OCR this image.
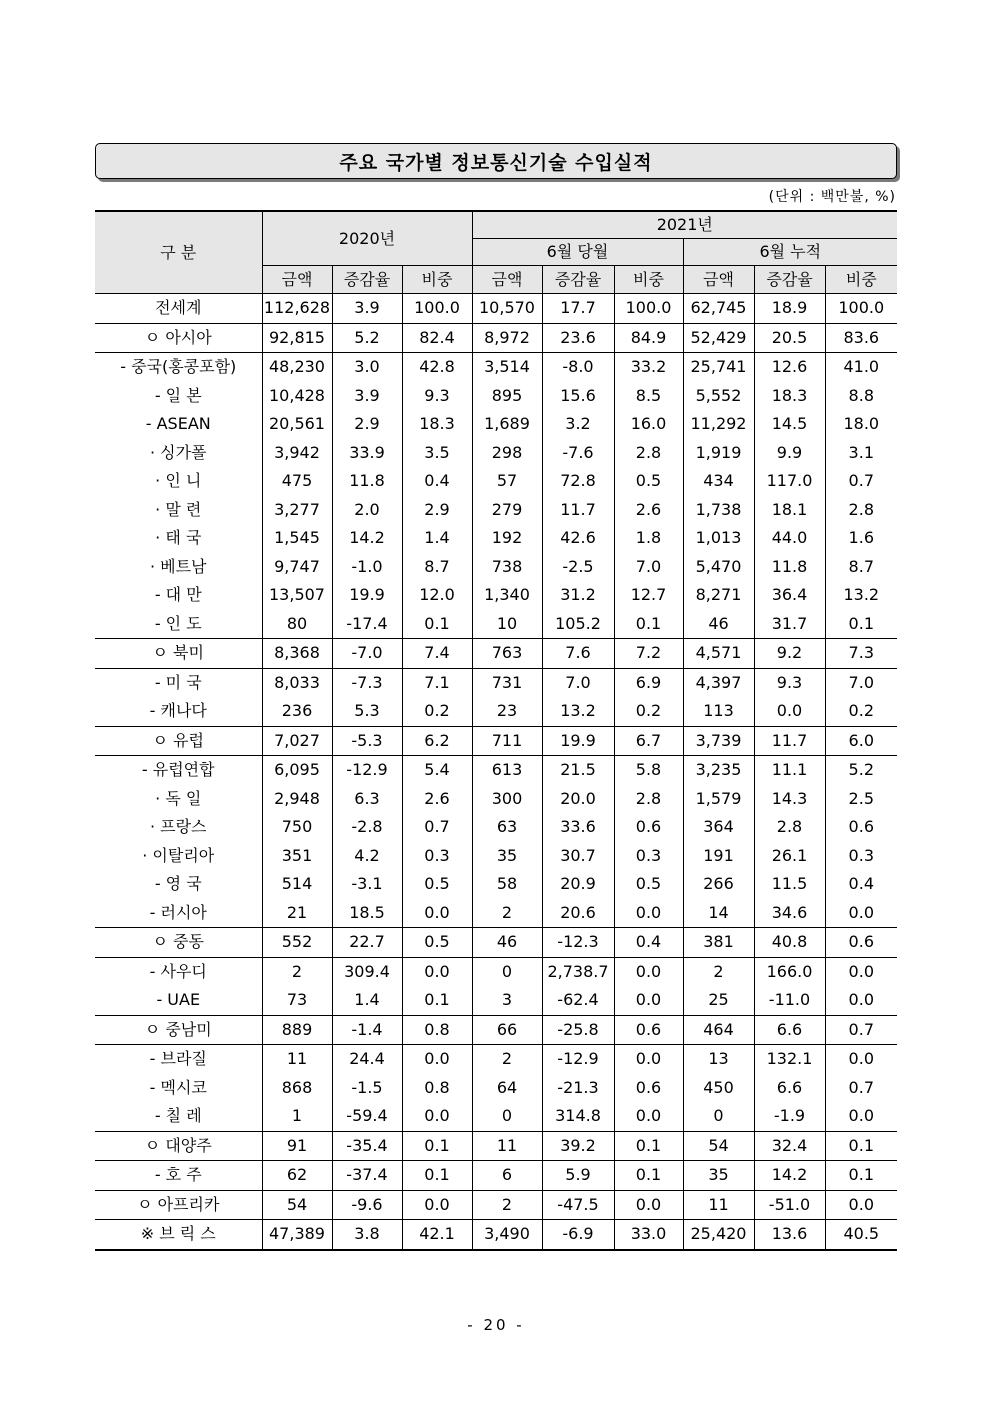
주요 국가별 정보통신기술 수입실적
(단위 : 백만불, %)
구 분	2020년			2021년					
				6월 당월			6월 누적		
	금액	증감율	비중	금액	증감율	비중	금액	증감율	비중
전세계	112,628	3.9	100.0	10,570	17.7	100.0	62,745	18.9	100.0
ㅇ 아시아	92,815	5.2	82.4	8,972	23.6	84.9	52,429	20.5	83.6
- 중국(홍콩포함)	48,230	3.0	42.8	3,514	-8.0	33.2	25,741	12.6	41.0
- 일 본	10,428	3.9	9.3	895	15.6	8.5	5,552	18.3	8.8
- ASEAN	20,561	2.9	18.3	1,689	3.2	16.0	11,292	14.5	18.0
· 싱가폴	3,942	33.9	3.5	298	-7.6	2.8	1,919	9.9	3.1
· 인 니	475	11.8	0.4	57	72.8	0.5	434	117.0	0.7
· 말 련	3,277	2.0	2.9	279	11.7	2.6	1,738	18.1	2.8
· 태 국	1,545	14.2	1.4	192	42.6	1.8	1,013	44.0	1.6
· 베트남	9,747	-1.0	8.7	738	-2.5	7.0	5,470	11.8	8.7
- 대 만	13,507	19.9	12.0	1,340	31.2	12.7	8,271	36.4	13.2
- 인 도	80	-17.4	0.1	10	105.2	0.1	46	31.7	0.1
ㅇ 북미	8,368	-7.0	7.4	763	7.6	7.2	4,571	9.2	7.3
- 미 국	8,033	-7.3	7.1	731	7.0	6.9	4,397	9.3	7.0
- 캐나다	236	5.3	0.2	23	13.2	0.2	113	0.0	0.2
ㅇ 유럽	7,027	-5.3	6.2	711	19.9	6.7	3,739	11.7	6.0
- 유럽연합	6,095	-12.9	5.4	613	21.5	5.8	3,235	11.1	5.2
· 독 일	2,948	6.3	2.6	300	20.0	2.8	1,579	14.3	2.5
· 프랑스	750	-2.8	0.7	63	33.6	0.6	364	2.8	0.6
· 이탈리아	351	4.2	0.3	35	30.7	0.3	191	26.1	0.3
- 영 국	514	-3.1	0.5	58	20.9	0.5	266	11.5	0.4
- 러시아	21	18.5	0.0	2	20.6	0.0	14	34.6	0.0
ㅇ 중동	552	22.7	0.5	46	-12.3	0.4	381	40.8	0.6
- 사우디	2	309.4	0.0	0	2,738.7	0.0	2	166.0	0.0
- UAE	73	1.4	0.1	3	-62.4	0.0	25	-11.0	0.0
ㅇ 중남미	889	-1.4	0.8	66	-25.8	0.6	464	6.6	0.7
- 브라질	11	24.4	0.0	2	-12.9	0.0	13	132.1	0.0
- 멕시코	868	-1.5	0.8	64	-21.3	0.6	450	6.6	0.7
- 칠 레	1	-59.4	0.0	0	314.8	0.0	0	-1.9	0.0
ㅇ 대양주	91	-35.4	0.1	11	39.2	0.1	54	32.4	0.1
- 호 주	62	-37.4	0.1	6	5.9	0.1	35	14.2	0.1
ㅇ 아프리카	54	-9.6	0.0	2	-47.5	0.0	11	-51.0	0.0
※ 브 릭 스	47,389	3.8	42.1	3,490	-6.9	33.0	25,420	13.6	40.5
- 20 -
